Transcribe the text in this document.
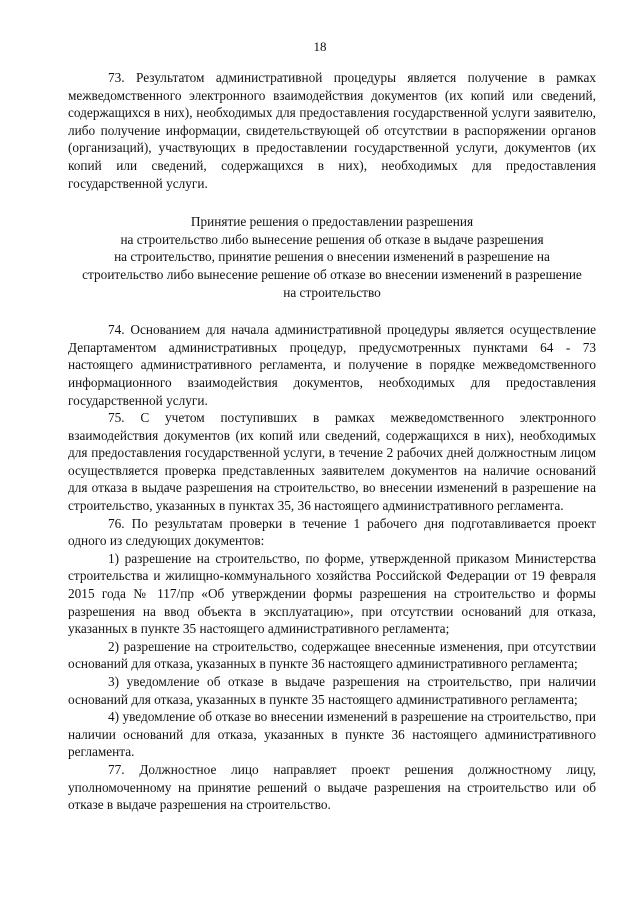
18

73. Результатом административной процедуры является получение в рамках межведомственного электронного взаимодействия документов (их копий или сведений, содержащихся в них), необходимых для предоставления государственной услуги заявителю, либо получение информации, свидетельствующей об отсутствии в распоряжении органов (организаций), участвующих в предоставлении государственной услуги, документов (их копий или сведений, содержащихся в них), необходимых для предоставления государственной услуги.

Принятие решения о предоставлении разрешения
на строительство либо вынесение решения об отказе в выдаче разрешения
на строительство, принятие решения о внесении изменений в разрешение на
строительство либо вынесение решение об отказе во внесении изменений в разрешение
на строительство

74. Основанием для начала административной процедуры является осуществление Департаментом административных процедур, предусмотренных пунктами 64 - 73 настоящего административного регламента, и получение в порядке межведомственного информационного взаимодействия документов, необходимых для предоставления государственной услуги.

75. С учетом поступивших в рамках межведомственного электронного взаимодействия документов (их копий или сведений, содержащихся в них), необходимых для предоставления государственной услуги, в течение 2 рабочих дней должностным лицом осуществляется проверка представленных заявителем документов на наличие оснований для отказа в выдаче разрешения на строительство, во внесении изменений в разрешение на строительство, указанных в пунктах 35, 36 настоящего административного регламента.

76. По результатам проверки в течение 1 рабочего дня подготавливается проект одного из следующих документов:

1) разрешение на строительство, по форме, утвержденной приказом Министерства строительства и жилищно-коммунального хозяйства Российской Федерации от 19 февраля 2015 года № 117/пр «Об утверждении формы разрешения на строительство и формы разрешения на ввод объекта в эксплуатацию», при отсутствии оснований для отказа, указанных в пункте 35 настоящего административного регламента;

2) разрешение на строительство, содержащее внесенные изменения, при отсутствии оснований для отказа, указанных в пункте 36 настоящего административного регламента;

3) уведомление об отказе в выдаче разрешения на строительство, при наличии оснований для отказа, указанных в пункте 35 настоящего административного регламента;

4) уведомление об отказе во внесении изменений в разрешение на строительство, при наличии оснований для отказа, указанных в пункте 36 настоящего административного регламента.

77. Должностное лицо направляет проект решения должностному лицу, уполномоченному на принятие решений о выдаче разрешения на строительство или об отказе в выдаче разрешения на строительство.
